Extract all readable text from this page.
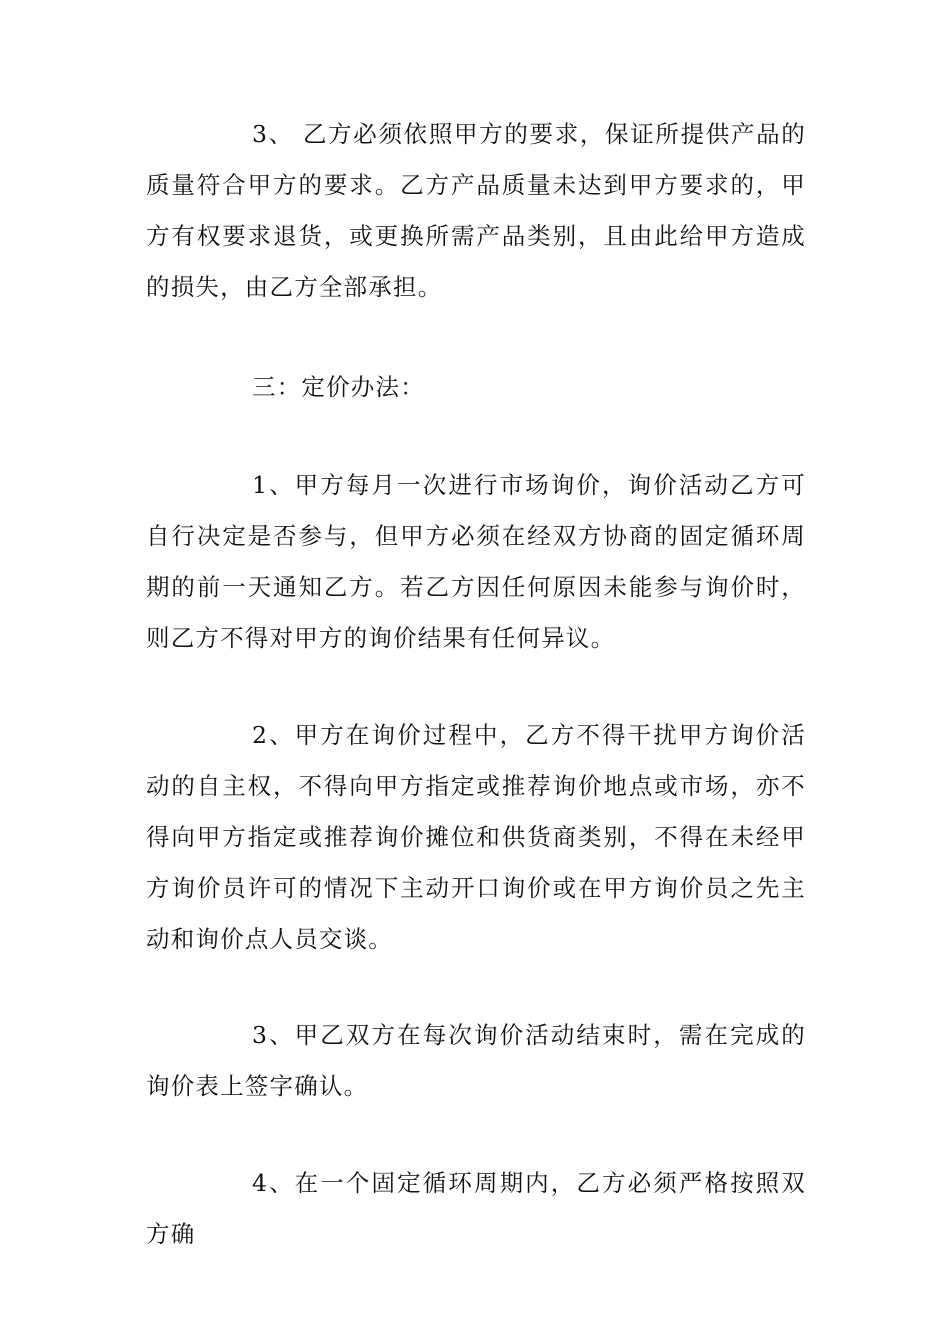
3、 乙方必须依照甲方的要求，保证所提供产品的质量符合甲方的要求。乙方产品质量未达到甲方要求的，甲方有权要求退货，或更换所需产品类别，且由此给甲方造成的损失，由乙方全部承担。

三：定价办法：

1、甲方每月一次进行市场询价，询价活动乙方可自行决定是否参与，但甲方必须在经双方协商的固定循环周期的前一天通知乙方。若乙方因任何原因未能参与询价时，则乙方不得对甲方的询价结果有任何异议。

2、甲方在询价过程中，乙方不得干扰甲方询价活动的自主权，不得向甲方指定或推荐询价地点或市场，亦不得向甲方指定或推荐询价摊位和供货商类别，不得在未经甲方询价员许可的情况下主动开口询价或在甲方询价员之先主动和询价点人员交谈。

3、甲乙双方在每次询价活动结束时，需在完成的询价表上签字确认。

4、在一个固定循环周期内，乙方必须严格按照双方确
